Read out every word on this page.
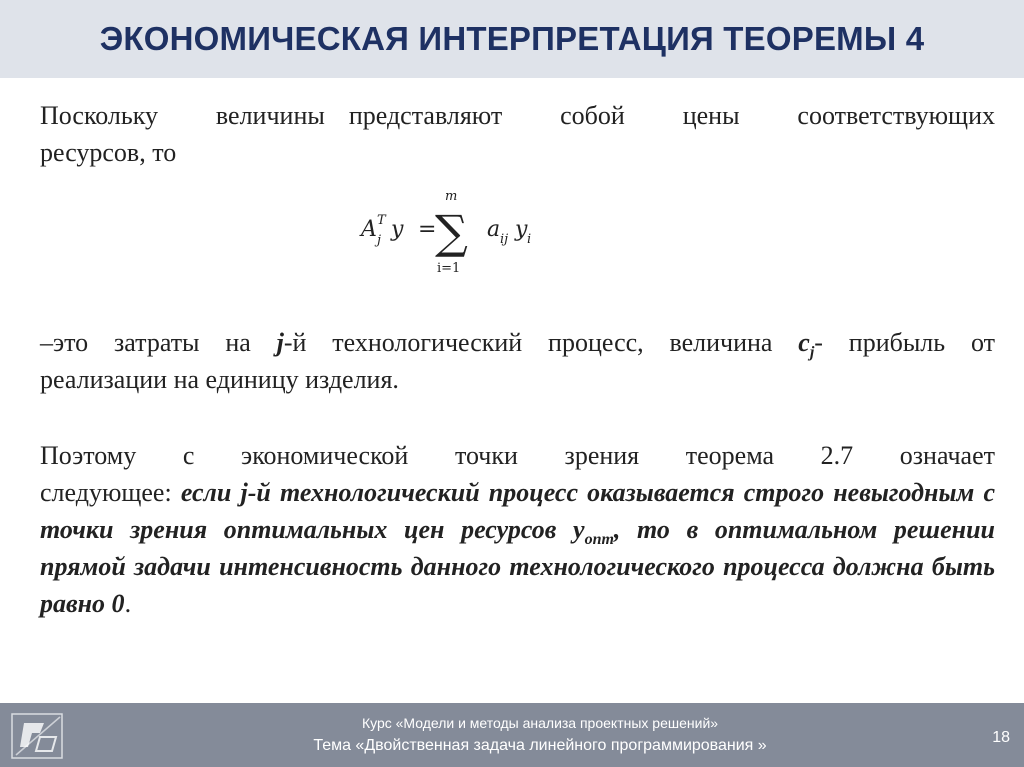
ЭКОНОМИЧЕСКАЯ ИНТЕРПРЕТАЦИЯ ТЕОРЕМЫ 4
Поскольку величины представляют собой цены соответствующих
ресурсов, то
A T
j y =
m
∑
i=1
a ij y i
–это затраты на j-й технологический процесс, величина $c_j-$ прибыль от
реализации на единицу изделия.
Поэтому с экономической точки зрения теорема 2.7 означает
следующее: если j-й технологический процесс оказывается строго невыгодным с точки зрения оптимальных цен ресурсов $y_{опт}$, то в оптимальном решении прямой задачи интенсивность данного технологического процесса должна быть равно 0.
Курс «Модели и методы анализа проектных решений»
Тема «Двойственная задача линейного программирования »	18
